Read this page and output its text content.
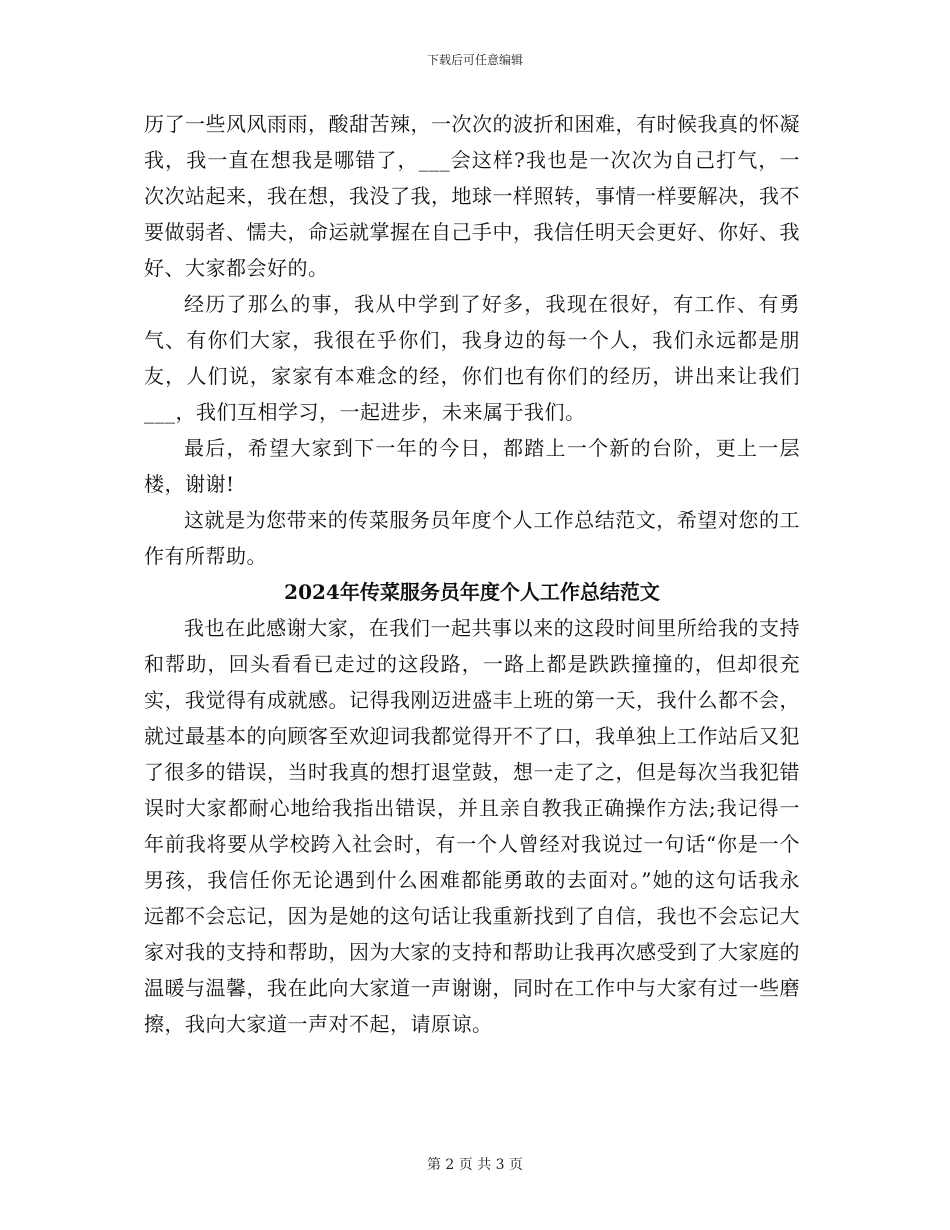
下载后可任意编辑

历了一些风风雨雨，酸甜苦辣，一次次的波折和困难，有时候我真的怀凝我，我一直在想我是哪错了，___会这样?我也是一次次为自己打气，一次次站起来，我在想，我没了我，地球一样照转，事情一样要解决，我不要做弱者、懦夫，命运就掌握在自己手中，我信任明天会更好、你好、我好、大家都会好的。

经历了那么的事，我从中学到了好多，我现在很好，有工作、有勇气、有你们大家，我很在乎你们，我身边的每一个人，我们永远都是朋友，人们说，家家有本难念的经，你们也有你们的经历，讲出来让我们___，我们互相学习，一起进步，未来属于我们。

最后，希望大家到下一年的今日，都踏上一个新的台阶，更上一层楼，谢谢!

这就是为您带来的传菜服务员年度个人工作总结范文，希望对您的工作有所帮助。

2024年传菜服务员年度个人工作总结范文

我也在此感谢大家，在我们一起共事以来的这段时间里所给我的支持和帮助，回头看看已走过的这段路，一路上都是跌跌撞撞的，但却很充实，我觉得有成就感。记得我刚迈进盛丰上班的第一天，我什么都不会，就过最基本的向顾客至欢迎词我都觉得开不了口，我单独上工作站后又犯了很多的错误，当时我真的想打退堂鼓，想一走了之，但是每次当我犯错误时大家都耐心地给我指出错误，并且亲自教我正确操作方法;我记得一年前我将要从学校跨入社会时，有一个人曾经对我说过一句话“你是一个男孩，我信任你无论遇到什么困难都能勇敢的去面对。”她的这句话我永远都不会忘记，因为是她的这句话让我重新找到了自信，我也不会忘记大家对我的支持和帮助，因为大家的支持和帮助让我再次感受到了大家庭的温暖与温馨，我在此向大家道一声谢谢，同时在工作中与大家有过一些磨擦，我向大家道一声对不起，请原谅。

第 2 页 共 3 页
